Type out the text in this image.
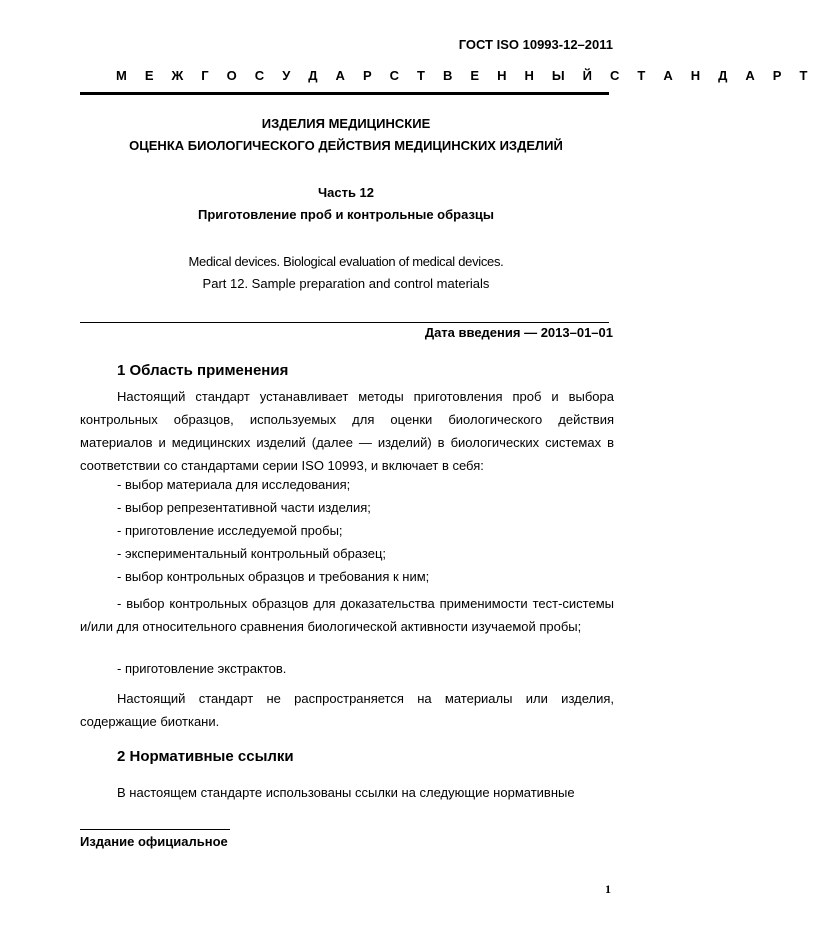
ГОСТ ISO 10993-12–2011
М Е Ж Г О С У Д А Р С Т В Е Н Н Ы Й С Т А Н Д А Р Т
ИЗДЕЛИЯ МЕДИЦИНСКИЕ
ОЦЕНКА БИОЛОГИЧЕСКОГО ДЕЙСТВИЯ МЕДИЦИНСКИХ ИЗДЕЛИЙ
Часть 12
Приготовление проб и контрольные образцы
Medical devices. Biological evaluation of medical devices.
Part 12. Sample preparation and control materials
Дата введения — 2013–01–01
1 Область применения
Настоящий стандарт устанавливает методы приготовления проб и выбора контрольных образцов, используемых для оценки биологического действия материалов и медицинских изделий (далее — изделий) в биологических системах в соответствии со стандартами серии ISO 10993, и включает в себя:
- выбор материала для исследования;
- выбор репрезентативной части изделия;
- приготовление исследуемой пробы;
- экспериментальный контрольный образец;
- выбор контрольных образцов и требования к ним;
- выбор контрольных образцов для доказательства применимости тест-системы и/или для относительного сравнения биологической активности изучаемой пробы;
- приготовление экстрактов.
Настоящий стандарт не распространяется на материалы или изделия, содержащие биоткани.
2 Нормативные ссылки
В настоящем стандарте использованы ссылки на следующие нормативные
Издание официальное
1
